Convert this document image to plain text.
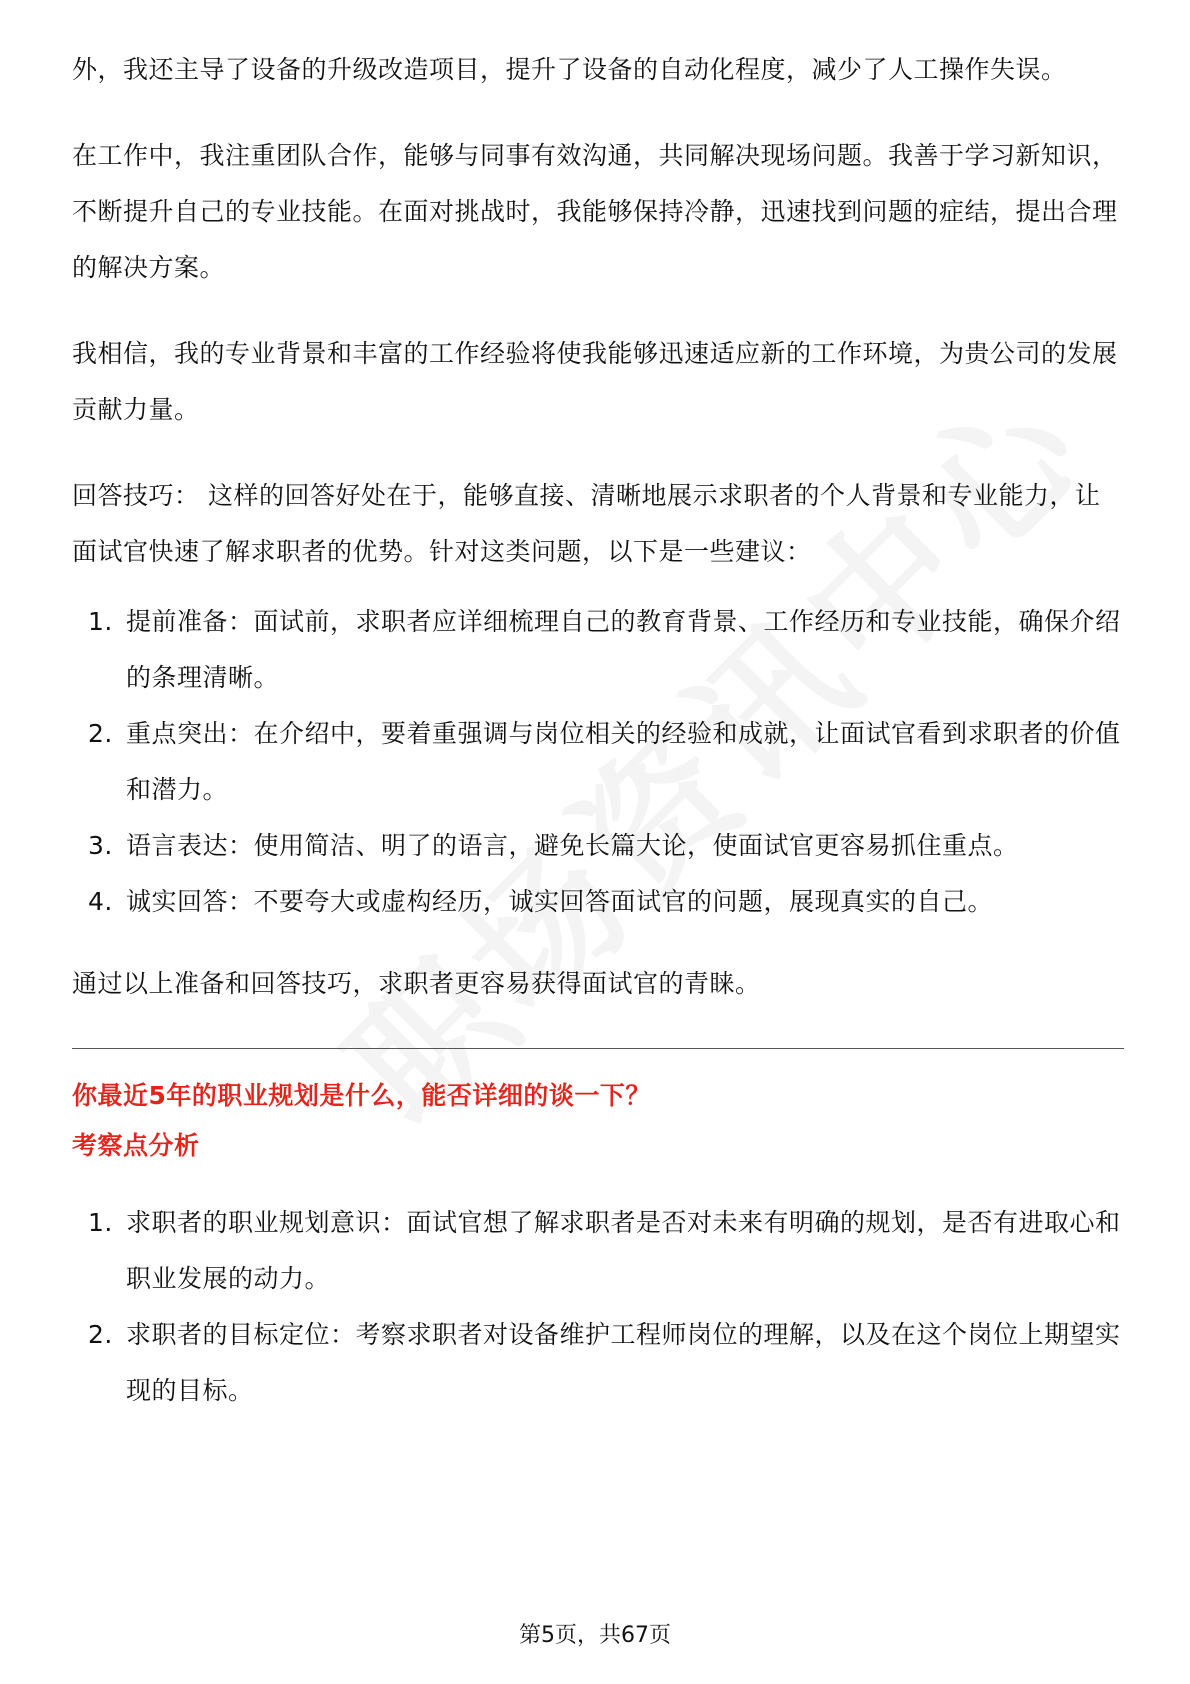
外，我还主导了设备的升级改造项目，提升了设备的自动化程度，减少了人工操作失误。

在工作中，我注重团队合作，能够与同事有效沟通，共同解决现场问题。我善于学习新知识，不断提升自己的专业技能。在面对挑战时，我能够保持冷静，迅速找到问题的症结，提出合理的解决方案。

我相信，我的专业背景和丰富的工作经验将使我能够迅速适应新的工作环境，为贵公司的发展贡献力量。

回答技巧： 这样的回答好处在于，能够直接、清晰地展示求职者的个人背景和专业能力，让面试官快速了解求职者的优势。针对这类问题，以下是一些建议：

1. 提前准备：面试前，求职者应详细梳理自己的教育背景、工作经历和专业技能，确保介绍的条理清晰。
2. 重点突出：在介绍中，要着重强调与岗位相关的经验和成就，让面试官看到求职者的价值和潜力。
3. 语言表达：使用简洁、明了的语言，避免长篇大论，使面试官更容易抓住重点。
4. 诚实回答：不要夸大或虚构经历，诚实回答面试官的问题，展现真实的自己。

通过以上准备和回答技巧，求职者更容易获得面试官的青睐。

你最近5年的职业规划是什么，能否详细的谈一下？
考察点分析
1. 求职者的职业规划意识：面试官想了解求职者是否对未来有明确的规划，是否有进取心和职业发展的动力。
2. 求职者的目标定位：考察求职者对设备维护工程师岗位的理解，以及在这个岗位上期望实现的目标。
第5页，共67页
